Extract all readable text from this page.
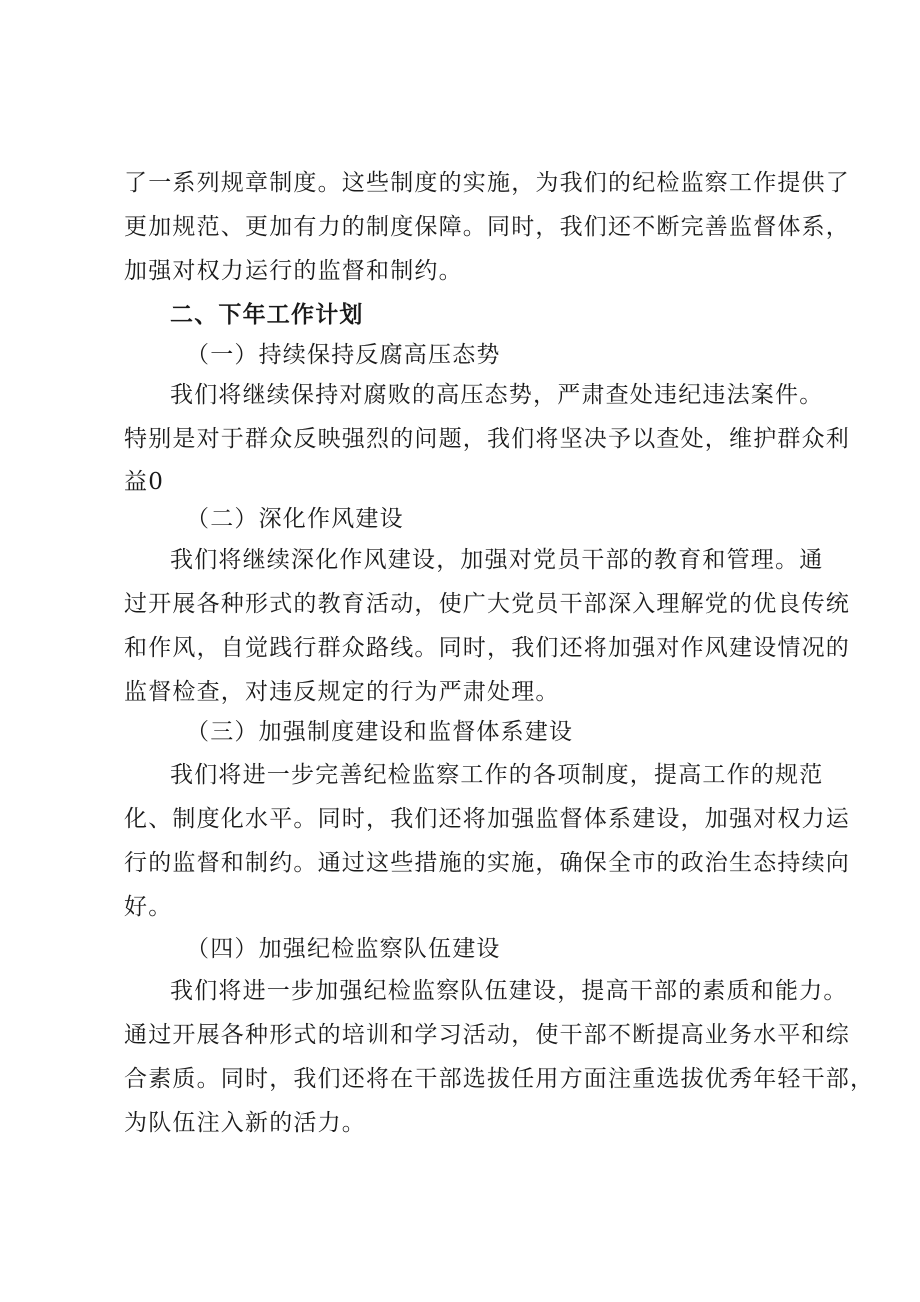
了一系列规章制度。这些制度的实施，为我们的纪检监察工作提供了
更加规范、更加有力的制度保障。同时，我们还不断完善监督体系，
加强对权力运行的监督和制约。
二、下年工作计划
（一）持续保持反腐高压态势
我们将继续保持对腐败的高压态势，严肃查处违纪违法案件。
特别是对于群众反映强烈的问题，我们将坚决予以查处，维护群众利
益0
（二）深化作风建设
我们将继续深化作风建设，加强对党员干部的教育和管理。通
过开展各种形式的教育活动，使广大党员干部深入理解党的优良传统
和作风，自觉践行群众路线。同时，我们还将加强对作风建设情况的
监督检查，对违反规定的行为严肃处理。
（三）加强制度建设和监督体系建设
我们将进一步完善纪检监察工作的各项制度，提高工作的规范
化、制度化水平。同时，我们还将加强监督体系建设，加强对权力运
行的监督和制约。通过这些措施的实施，确保全市的政治生态持续向
好。
（四）加强纪检监察队伍建设
我们将进一步加强纪检监察队伍建设，提高干部的素质和能力。
通过开展各种形式的培训和学习活动，使干部不断提高业务水平和综
合素质。同时，我们还将在干部选拔任用方面注重选拔优秀年轻干部，
为队伍注入新的活力。
